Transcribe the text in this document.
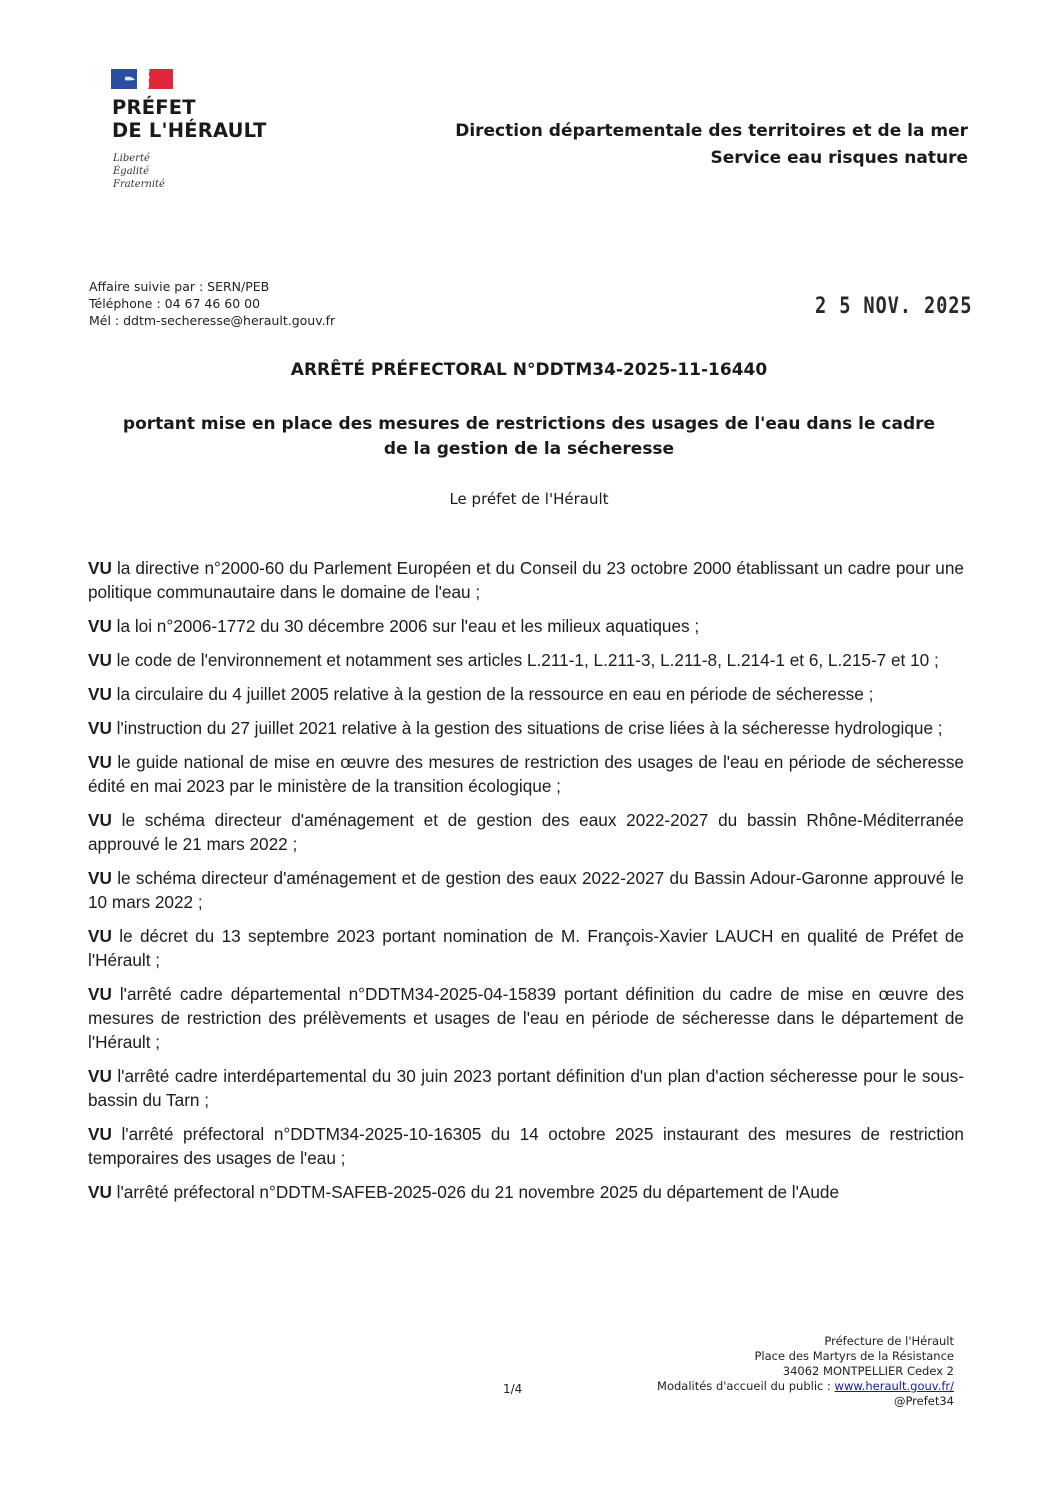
PRÉFET
DE L'HÉRAULT
Liberté
Égalité
Fraternité
Direction départementale des territoires et de la mer
Service eau risques nature
Affaire suivie par : SERN/PEB
Téléphone : 04 67 46 60 00
Mél : ddtm-secheresse@herault.gouv.fr
2 5 NOV. 2025
ARRÊTÉ PRÉFECTORAL N°DDTM34-2025-11-16440
portant mise en place des mesures de restrictions des usages de l'eau dans le cadre
de la gestion de la sécheresse
Le préfet de l'Hérault

VU la directive n°2000-60 du Parlement Européen et du Conseil du 23 octobre 2000 établissant un cadre pour une politique communautaire dans le domaine de l'eau ;

VU la loi n°2006-1772 du 30 décembre 2006 sur l'eau et les milieux aquatiques ;

VU le code de l'environnement et notamment ses articles L.211-1, L.211-3, L.211-8, L.214-1 et 6, L.215-7 et 10 ;

VU la circulaire du 4 juillet 2005 relative à la gestion de la ressource en eau en période de sécheresse ;

VU l'instruction du 27 juillet 2021 relative à la gestion des situations de crise liées à la sécheresse hydrologique ;

VU le guide national de mise en œuvre des mesures de restriction des usages de l'eau en période de sécheresse édité en mai 2023 par le ministère de la transition écologique ;

VU le schéma directeur d'aménagement et de gestion des eaux 2022-2027 du bassin Rhône-Méditerranée approuvé le 21 mars 2022 ;

VU le schéma directeur d'aménagement et de gestion des eaux 2022-2027 du Bassin Adour-Garonne approuvé le 10 mars 2022 ;

VU le décret du 13 septembre 2023 portant nomination de M. François-Xavier LAUCH en qualité de Préfet de l'Hérault ;

VU l'arrêté cadre départemental n°DDTM34-2025-04-15839 portant définition du cadre de mise en œuvre des mesures de restriction des prélèvements et usages de l'eau en période de sécheresse dans le département de l'Hérault ;

VU l'arrêté cadre interdépartemental du 30 juin 2023 portant définition d'un plan d'action sécheresse pour le sous-bassin du Tarn ;

VU l'arrêté préfectoral n°DDTM34-2025-10-16305 du 14 octobre 2025 instaurant des mesures de restriction temporaires des usages de l'eau ;

VU l'arrêté préfectoral n°DDTM-SAFEB-2025-026 du 21 novembre 2025 du département de l'Aude

1/4
Préfecture de l'Hérault
Place des Martyrs de la Résistance
34062 MONTPELLIER Cedex 2
Modalités d'accueil du public : www.herault.gouv.fr/
@Prefet34
